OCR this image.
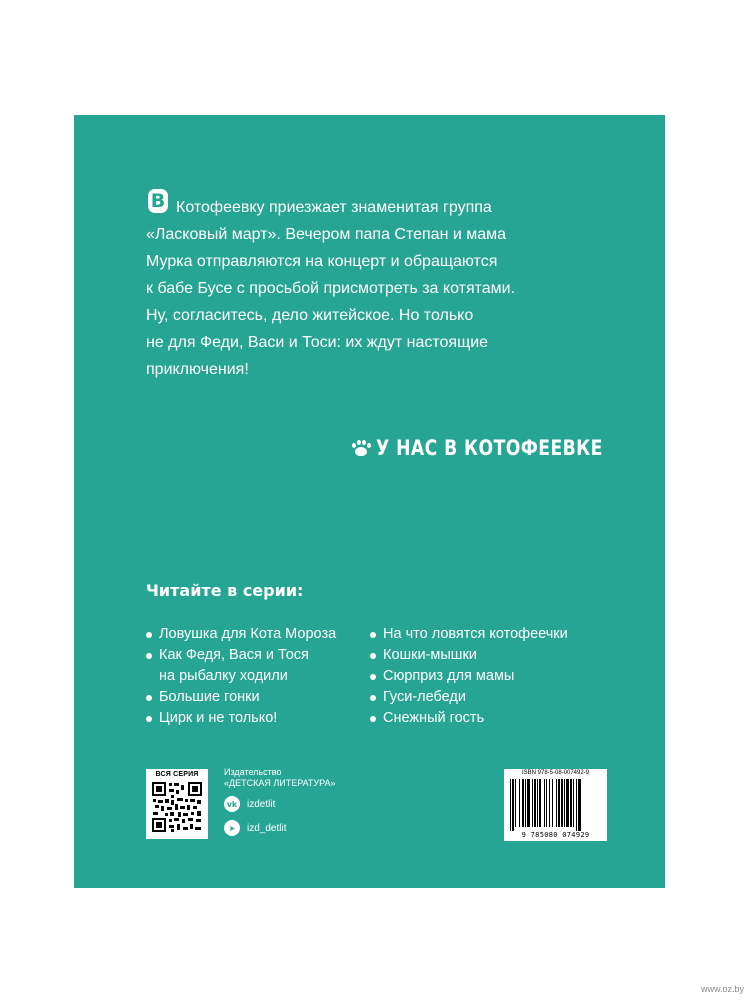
В Котофеевку приезжает знаменитая группа
«Ласковый март». Вечером папа Степан и мама
Мурка отправляются на концерт и обращаются
к бабе Бусе с просьбой присмотреть за котятами.
Ну, согласитесь, дело житейское. Но только
не для Феди, Васи и Тоси: их ждут настоящие
приключения!
У НАС В КОТОФЕЕВКЕ
Читайте в серии:
Ловушка для Кота Мороза
Как Федя, Вася и Тося
на рыбалку ходили
Большие гонки
Цирк и не только!
На что ловятся котофеечки
Кошки-мышки
Сюрприз для мамы
Гуси-лебеди
Снежный гость
ВСЯ СЕРИЯ	Издательство
«ДЕТСКАЯ ЛИТЕРАТУРА»
vk izdetlit
➤	izd_detlit
ISBN 978-5-08-007492-9
9 785080 074929
www.oz.by
